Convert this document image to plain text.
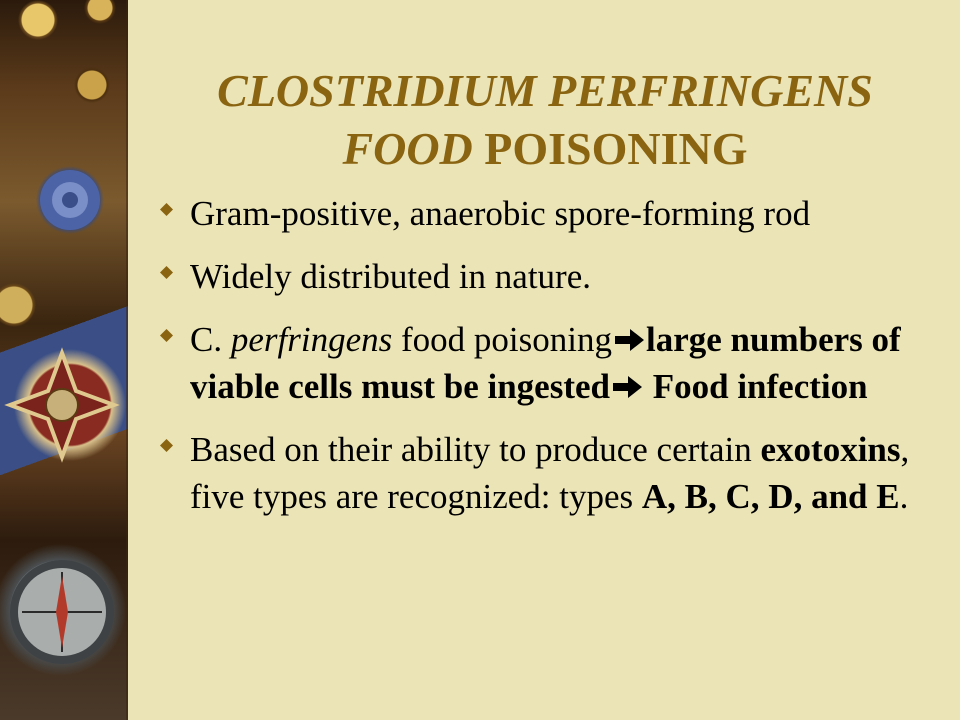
CLOSTRIDIUM PERFRINGENS
FOOD POISONING
Gram-positive, anaerobic spore-forming rod
Widely distributed in nature.
C. perfringens food poisoning large numbers of viable cells must be ingested Food infection
Based on their ability to produce certain exotoxins, five types are recognized: types A, B, C, D, and E.
